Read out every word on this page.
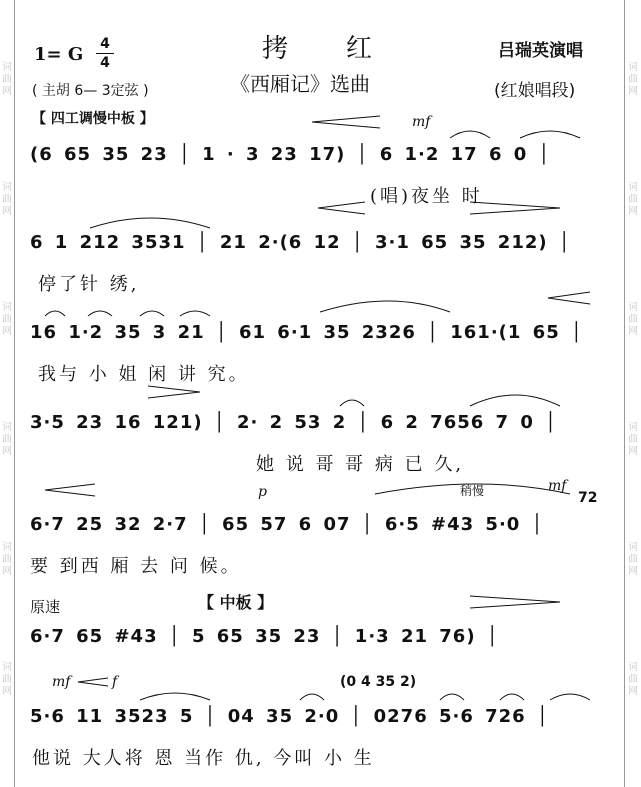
词
曲
网
词
曲
网
词
曲
网
词
曲
网
词
曲
网
词
曲
网
词
曲
网
词
曲
网
词
曲
网
词
曲
网
词
曲
网
词
曲
网
拷红
《西厢记》选曲
1= G 4
4
( 主胡 6— 3定弦 )
吕瑞英演唱
(红娘唱段)
【 四工调慢中板 】
(6 65 35 23 │ 1 · 3 23 17) │ 6 1·2 17 6 0 │
(唱)夜坐 时
mf
6 1 212 3531 │ 21 2·(6 12 │ 3·1 65 35 212) │
停了针 绣,
16 1·2 35 3 21 │ 61 6·1 35 2326 │ 161·(1 65 │
我与 小 姐 闲 讲 究。
3·5 23 16 121) │ 2· 2 53 2 │ 6 2 7656 7 0 │
她 说 哥 哥 病 已 久,
6·7 25 32 2·7 │ 65 57 6 07 │ 6·5 #43 5·0 │
要 到西 厢 去 问 候。
p	稍慢	mf
72
6·7 65 #43 │ 5 65 35 23 │ 1·3 21 76) │
原速	【 中板 】
5·6 11 3523 5 │ 04 35 2·0 │ 0276 5·6 726 │
他说 大人将 恩 当作 仇, 今叫 小 生
mf	f	(0 4 35 2)
